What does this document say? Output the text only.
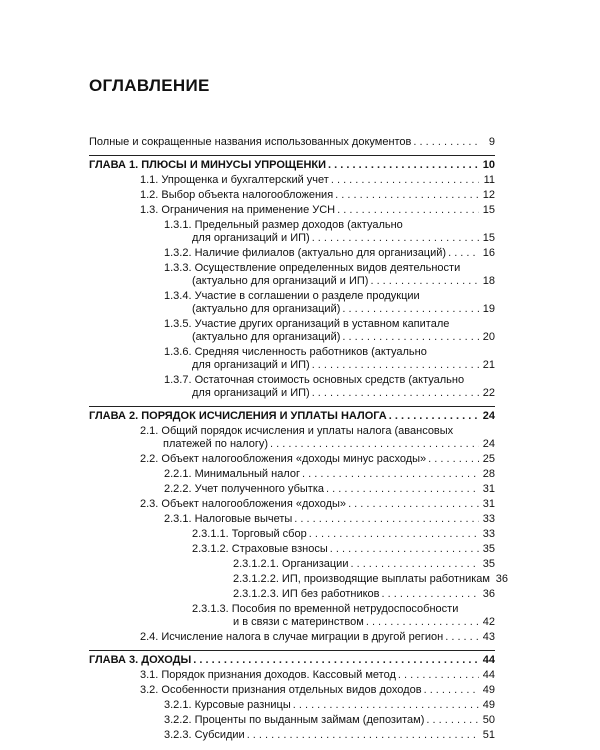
ОГЛАВЛЕНИЕ
Полные и сокращенные названия использованных документов . . .	9
ГЛАВА 1. ПЛЮСЫ И МИНУСЫ УПРОЩЕНКИ . . .	10
1.1. Упрощенка и бухгалтерский учет . . .	11
1.2. Выбор объекта налогообложения . . .	12
1.3. Ограничения на применение УСН . . .	15
1.3.1. Предельный размер доходов (актуально
для организаций и ИП) . . .	15
1.3.2. Наличие филиалов (актуально для организаций) . . .	16
1.3.3. Осуществление определенных видов деятельности
(актуально для организаций и ИП) . . .	18
1.3.4. Участие в соглашении о разделе продукции
(актуально для организаций) . . .	19
1.3.5. Участие других организаций в уставном капитале
(актуально для организаций) . . .	20
1.3.6. Средняя численность работников (актуально
для организаций и ИП) . . .	21
1.3.7. Остаточная стоимость основных средств (актуально
для организаций и ИП) . . .	22
ГЛАВА 2. ПОРЯДОК ИСЧИСЛЕНИЯ И УПЛАТЫ НАЛОГА . . .	24
2.1. Общий порядок исчисления и уплаты налога (авансовых
платежей по налогу) . . .	24
2.2. Объект налогообложения «доходы минус расходы» . . .	25
2.2.1. Минимальный налог . . .	28
2.2.2. Учет полученного убытка . . .	31
2.3. Объект налогообложения «доходы» . . .	31
2.3.1. Налоговые вычеты . . .	33
2.3.1.1. Торговый сбор . . .	33
2.3.1.2. Страховые взносы . . .	35
2.3.1.2.1. Организации . . .	35
2.3.1.2.2. ИП, производящие выплаты работникам 36
2.3.1.2.3. ИП без работников . . .	36
2.3.1.3. Пособия по временной нетрудоспособности
и в связи с материнством . . .	42
2.4. Исчисление налога в случае миграции в другой регион . . .	43
ГЛАВА 3. ДОХОДЫ . . .	44
3.1. Порядок признания доходов. Кассовый метод . . .	44
3.2. Особенности признания отдельных видов доходов . . .	49
3.2.1. Курсовые разницы . . .	49
3.2.2. Проценты по выданным займам (депозитам) . . .	50
3.2.3. Субсидии . . .	51
